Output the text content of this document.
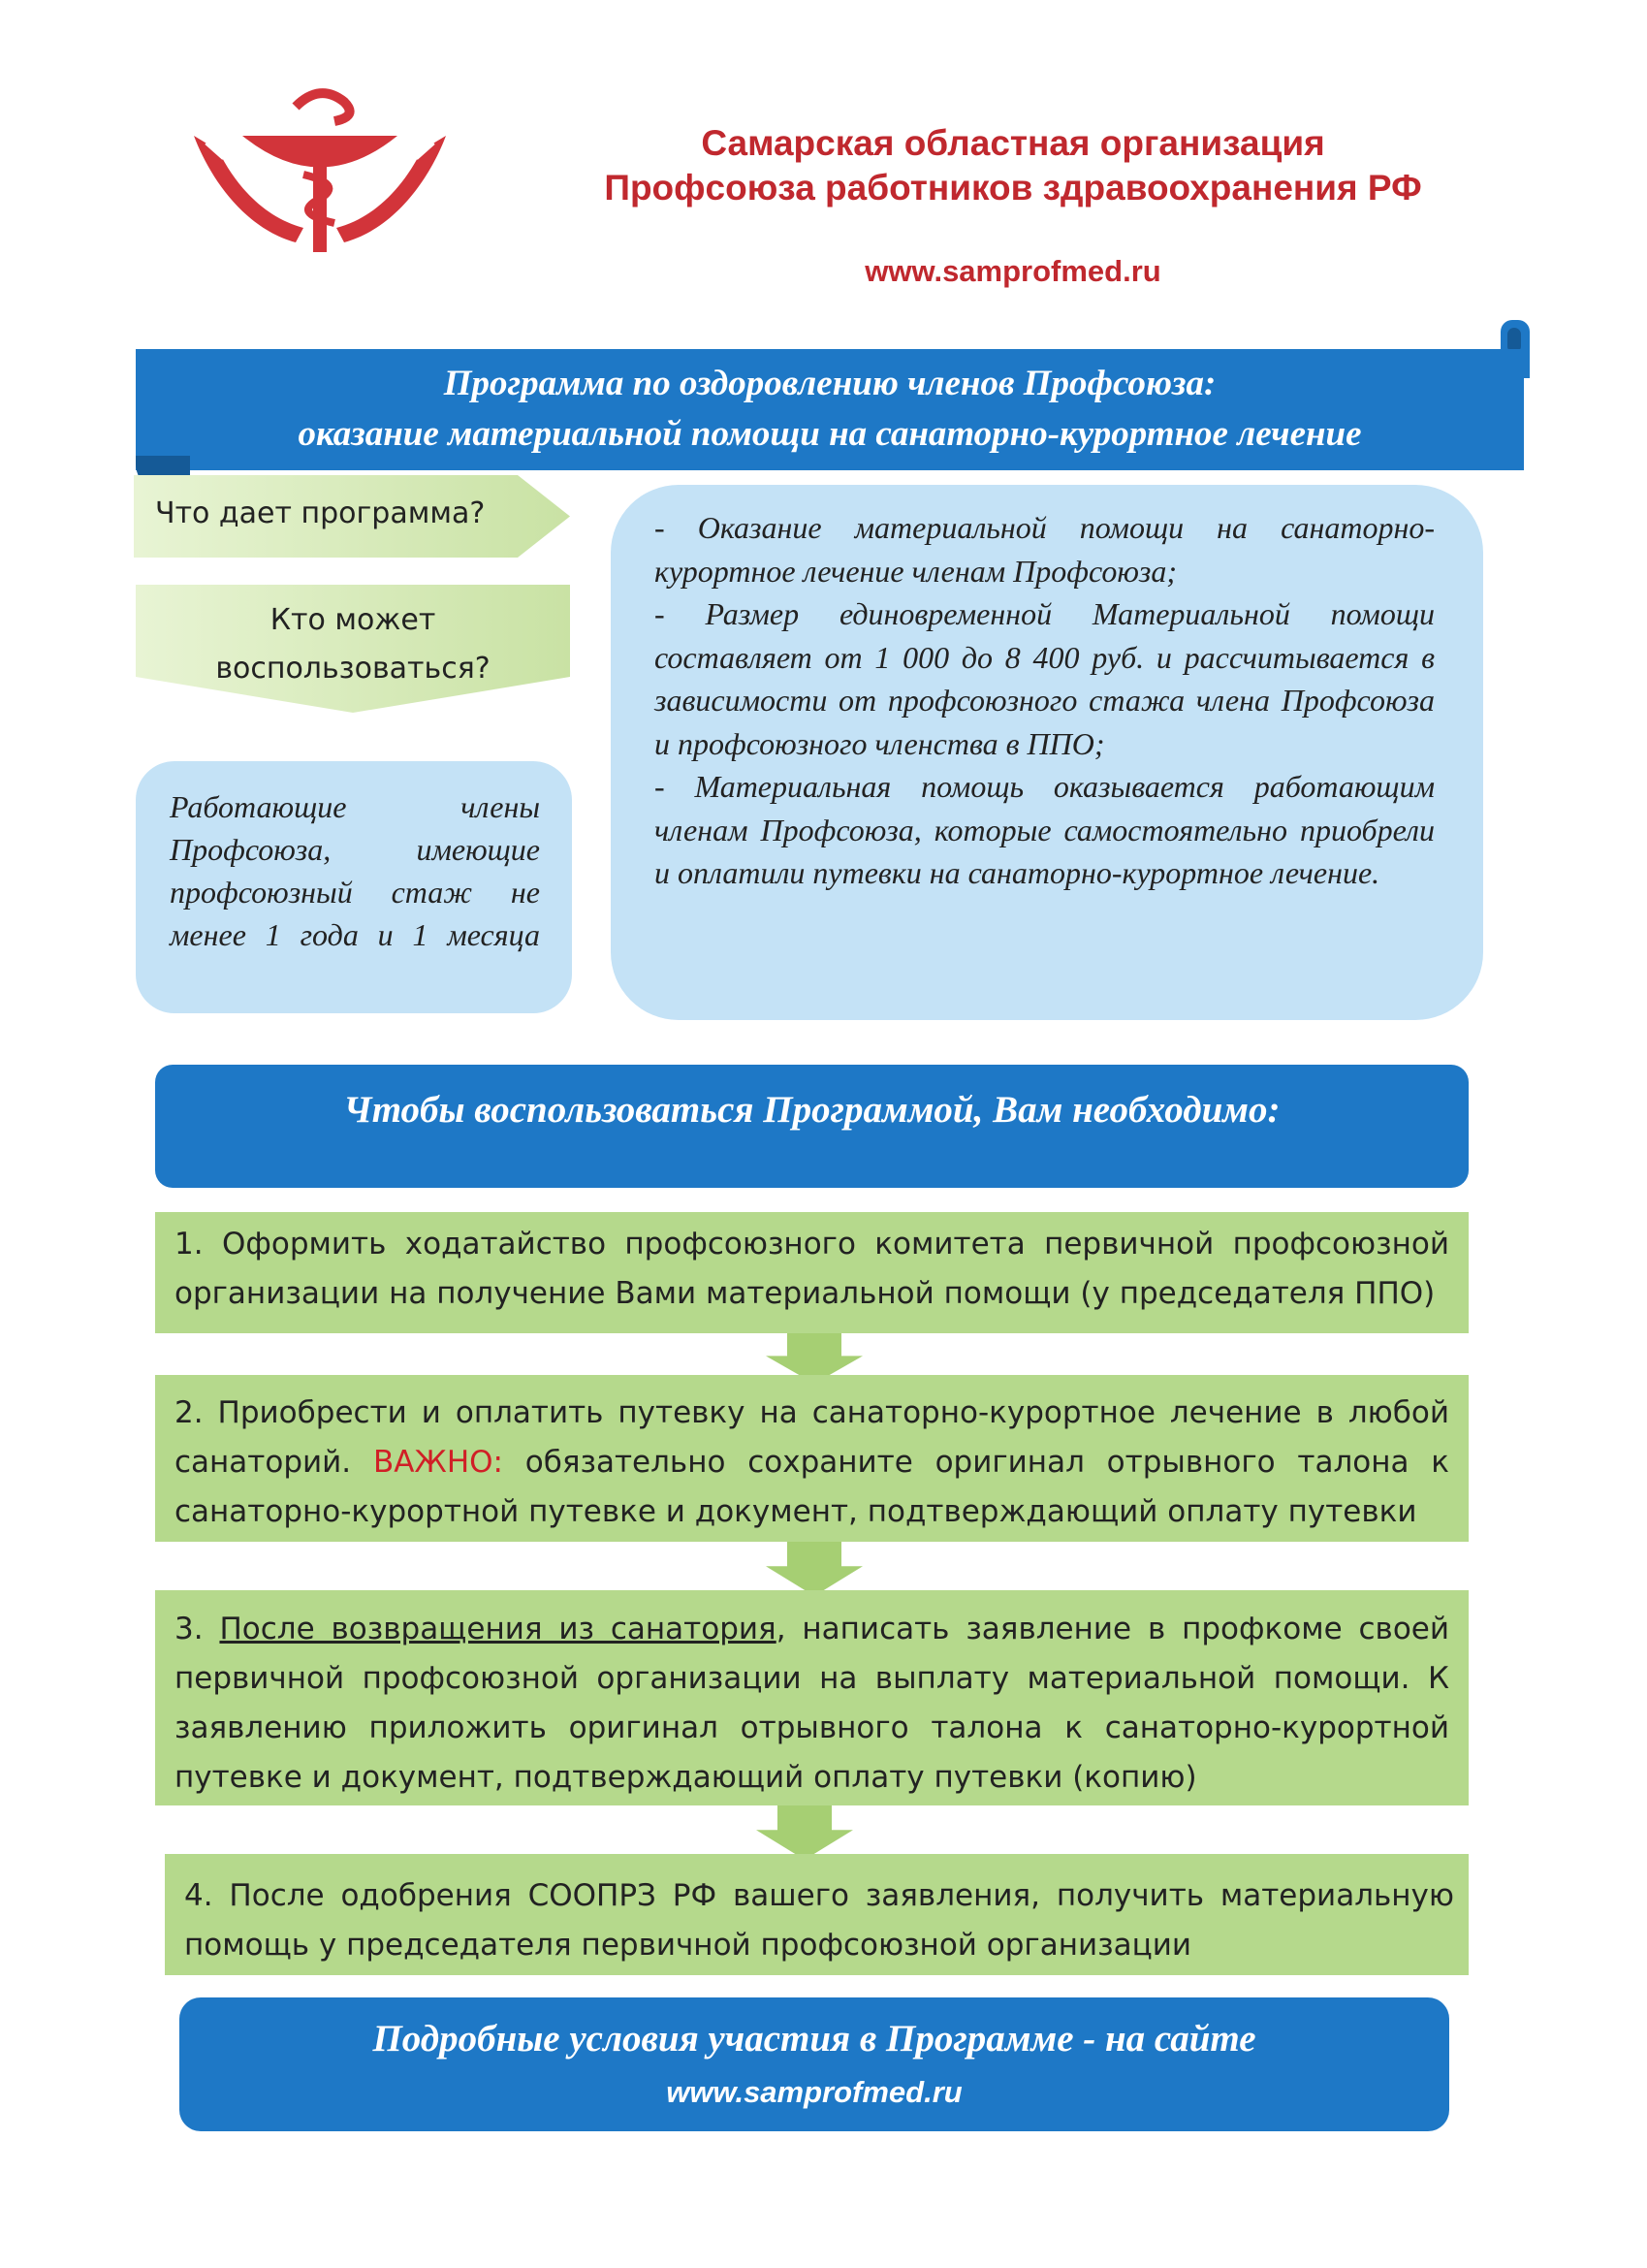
Самарская областная организация
Профсоюза работников здравоохранения РФ
www.samprofmed.ru
Программа по оздоровлению членов Профсоюза:
оказание материальной помощи на санаторно-курортное лечение
Что дает программа?
Кто может
воспользоваться?
Работающие члены Профсоюза, имеющие профсоюзный стаж не менее 1 года и 1 месяца

- Оказание материальной помощи на санаторно-курортное лечение членам Профсоюза;

- Размер единовременной Материальной помощи составляет от 1 000 до 8 400 руб. и рассчитывается в зависимости от профсоюзного стажа члена Профсоюза и профсоюзного членства в ППО;

- Материальная помощь оказывается работающим членам Профсоюза, которые самостоятельно приобрели и оплатили путевки на санаторно-курортное лечение.

Чтобы воспользоваться Программой, Вам необходимо:
1. Оформить ходатайство профсоюзного комитета первичной профсоюзной организации на получение Вами материальной помощи (у председателя ППО)
2. Приобрести и оплатить путевку на санаторно-курортное лечение в любой санаторий. ВАЖНО: обязательно сохраните оригинал отрывного талона к санаторно-курортной путевке и документ, подтверждающий оплату путевки
3. После возвращения из санатория, написать заявление в профкоме своей первичной профсоюзной организации на выплату материальной помощи. К заявлению приложить оригинал отрывного талона к санаторно-курортной путевке и документ, подтверждающий оплату путевки (копию)
4. После одобрения СООПРЗ РФ вашего заявления, получить материальную помощь у председателя первичной профсоюзной организации
Подробные условия участия в Программе - на сайте
www.samprofmed.ru
